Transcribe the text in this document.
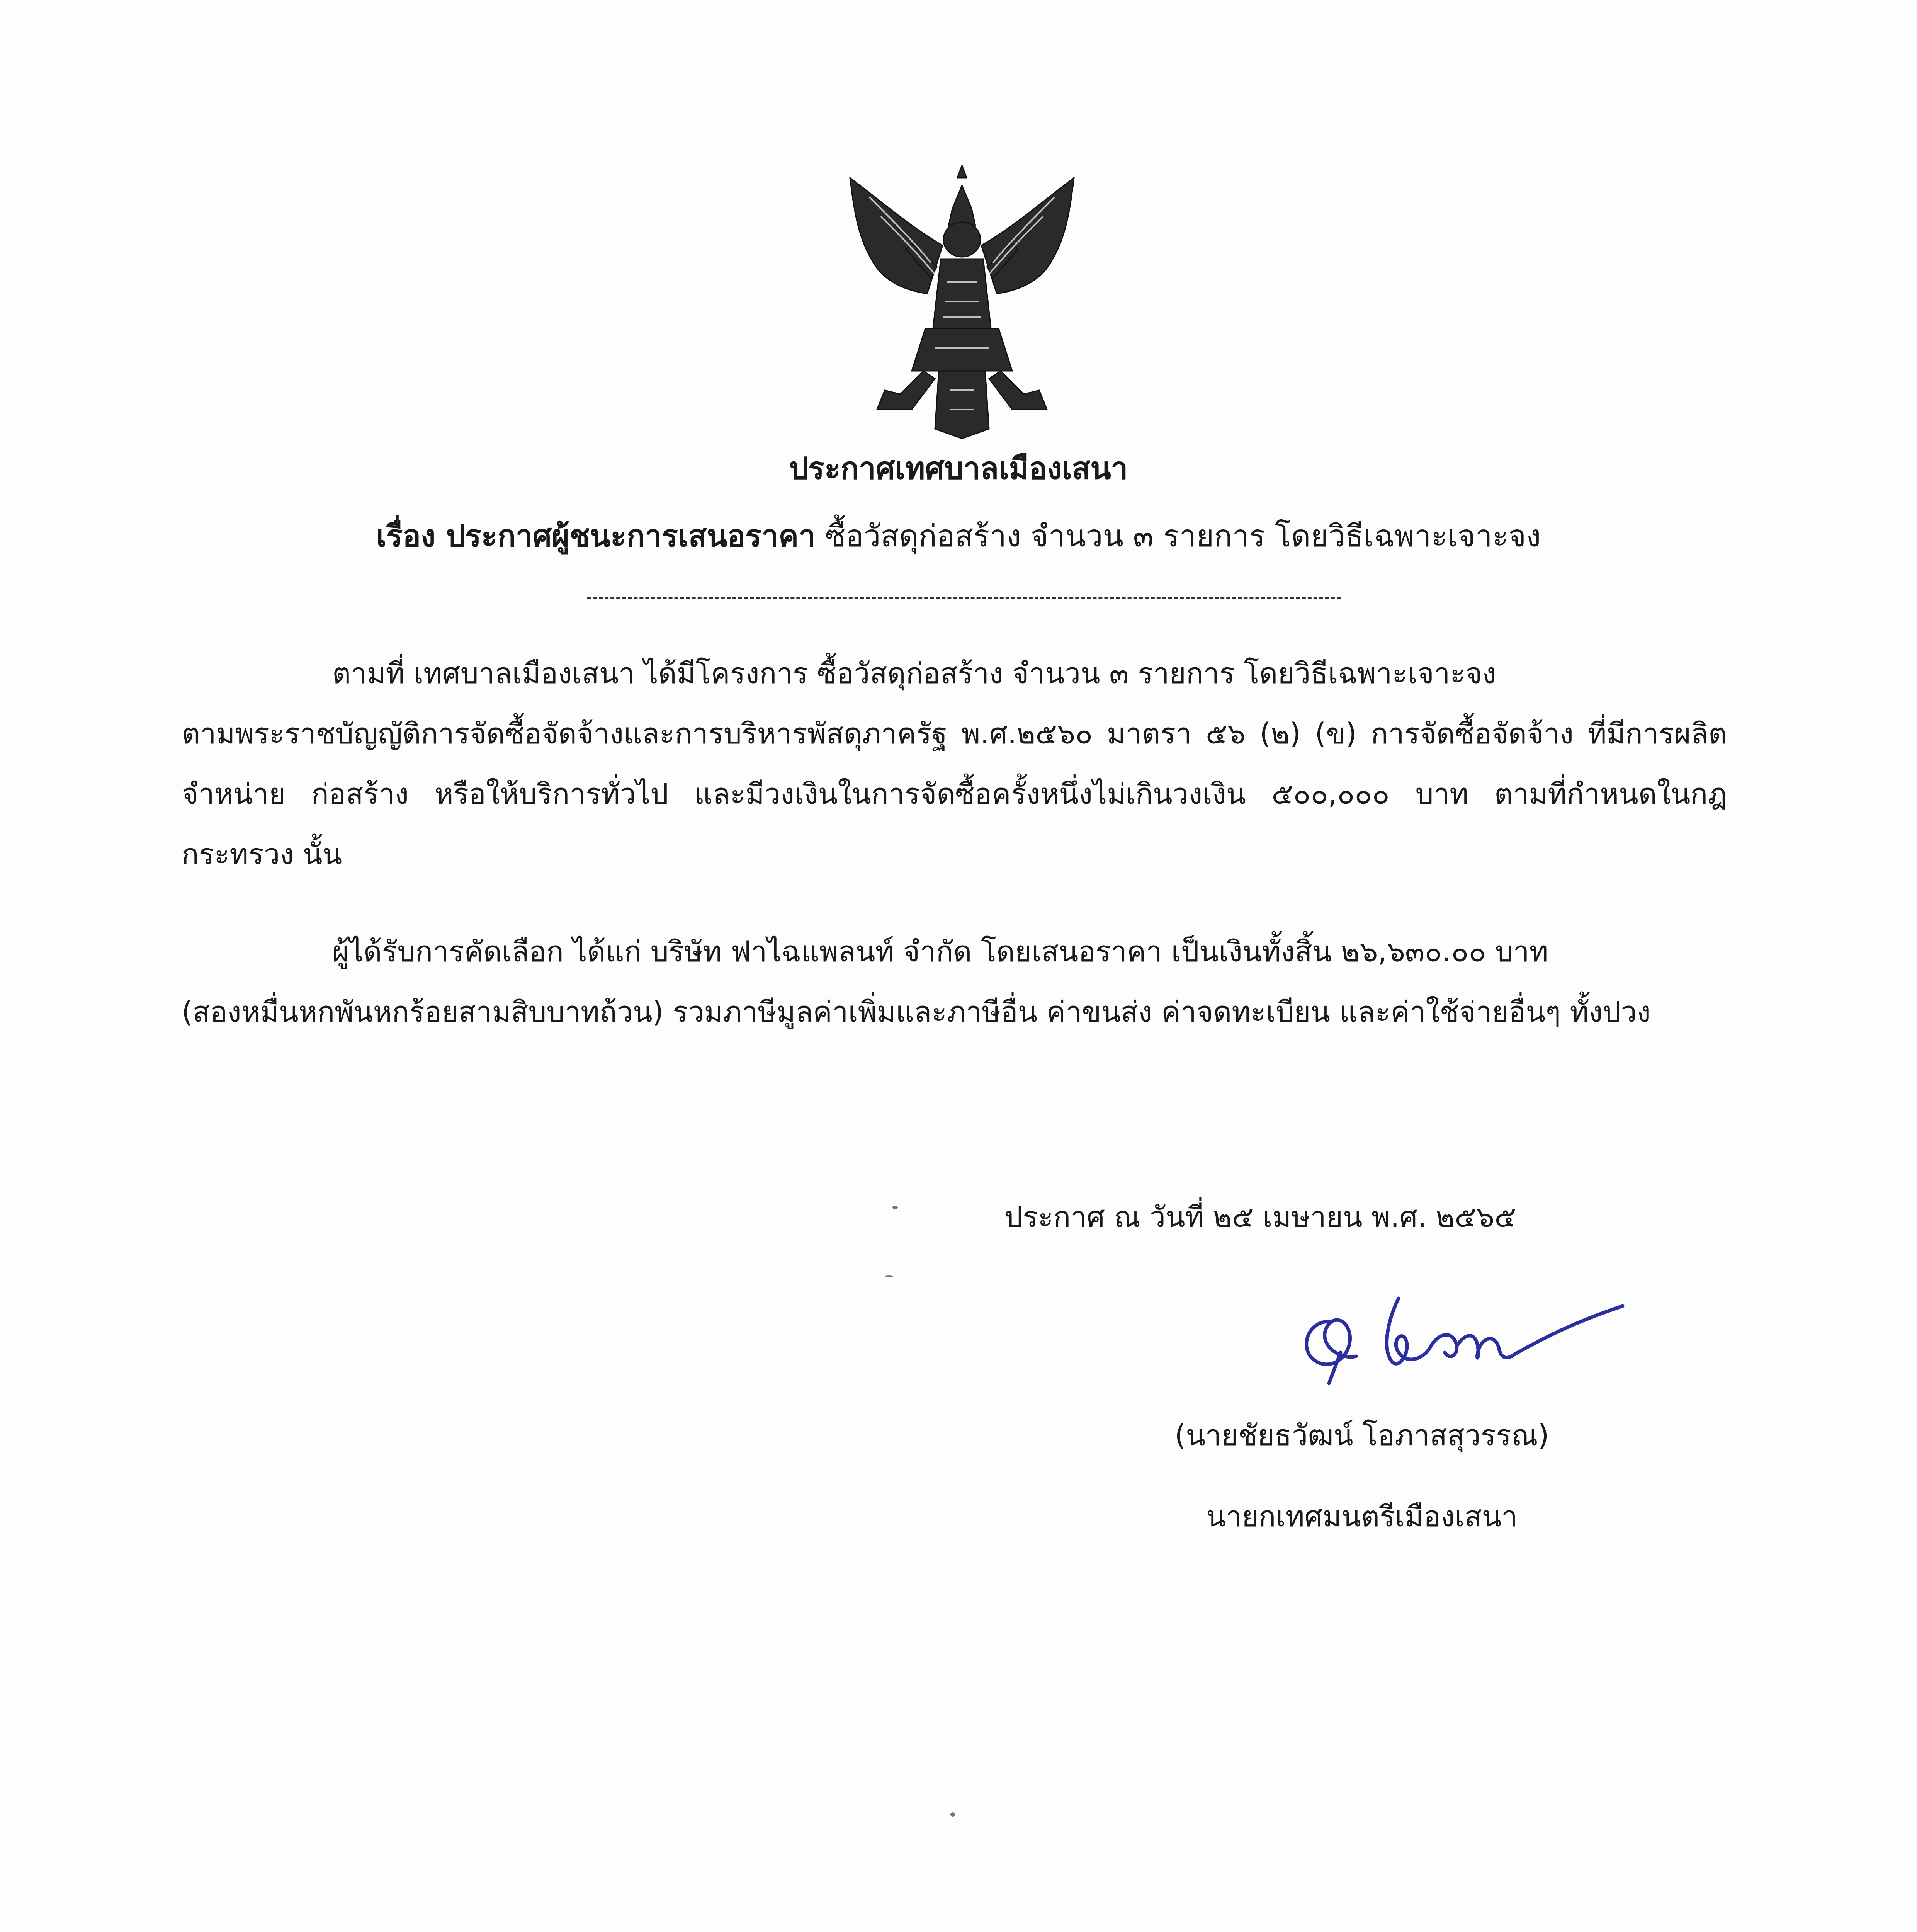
ประกาศเทศบาลเมืองเสนา
เรื่อง ประกาศผู้ชนะการเสนอราคา ซื้อวัสดุก่อสร้าง จำนวน ๓ รายการ โดยวิธีเฉพาะเจาะจง
ตามที่ เทศบาลเมืองเสนา ได้มีโครงการ ซื้อวัสดุก่อสร้าง จำนวน ๓ รายการ โดยวิธีเฉพาะเจาะจง
ตามพระราชบัญญัติการจัดซื้อจัดจ้างและการบริหารพัสดุภาครัฐ พ.ศ.๒๕๖๐ มาตรา ๕๖ (๒) (ข) การจัดซื้อจัดจ้าง ที่มีการผลิต จำหน่าย ก่อสร้าง หรือให้บริการทั่วไป และมีวงเงินในการจัดซื้อครั้งหนึ่งไม่เกินวงเงิน ๕๐๐,๐๐๐ บาท ตามที่กำหนดในกฎกระทรวง นั้น
ผู้ได้รับการคัดเลือก ได้แก่ บริษัท ฟาไฉแพลนท์ จำกัด โดยเสนอราคา เป็นเงินทั้งสิ้น ๒๖,๖๓๐.๐๐ บาท
(สองหมื่นหกพันหกร้อยสามสิบบาทถ้วน) รวมภาษีมูลค่าเพิ่มและภาษีอื่น ค่าขนส่ง ค่าจดทะเบียน และค่าใช้จ่ายอื่นๆ ทั้งปวง
ประกาศ ณ วันที่ ๒๕ เมษายน พ.ศ. ๒๕๖๕
(นายชัยธวัฒน์ โอภาสสุวรรณ)
นายกเทศมนตรีเมืองเสนา
